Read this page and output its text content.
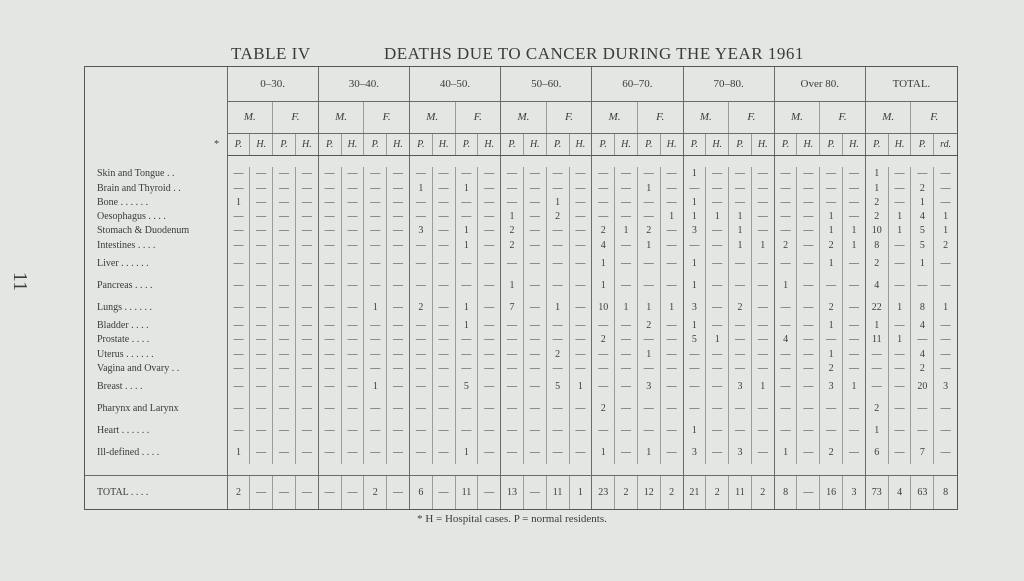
11
TABLE IV	DEATHS DUE TO CANCER DURING THE YEAR 1961
	0–30.				30–40.				40–50.				50–60.				60–70.				70–80.				Over 80.				TOTAL.			
	M.		F.		M.		F.		M.		F.		M.		F.		M.		F.		M.		F.		M.		F.		M.		F.	
*	P.	H.	P.	H.	P.	H.	P.	H.	P.	H.	P.	H.	P.	H.	P.	H.	P.	H.	P.	H.	P.	H.	P.	H.	P.	H.	P.	H.	P.	H.	P.	rd.

Skin and Tongue . .	—	—	—	—	—	—	—	—	—	—	—	—	—	—	—	—	—	—	—	—	1	—	—	—	—	—	—	—	1	—	—	—
Brain and Thyroid . .	—	—	—	—	—	—	—	—	1	—	1	—	—	—	—	—	—	—	1	—	—	—	—	—	—	—	—	—	1	—	2	—
Bone . . . . . .	1	—	—	—	—	—	—	—	—	—	—	—	—	—	1	—	—	—	—	—	1	—	—	—	—	—	—	—	2	—	1	—
Oesophagus . . . .	—	—	—	—	—	—	—	—	—	—	—	—	1	—	2	—	—	—	—	1	1	1	1	—	—	—	1	—	2	1	4	1
Stomach & Duodenum	—	—	—	—	—	—	—	—	3	—	1	—	2	—	—	—	2	1	2	—	3	—	1	—	—	—	1	1	10	1	5	1
Intestines . . . .	—	—	—	—	—	—	—	—	—	—	1	—	2	—	—	—	4	—	1	—	—	—	1	1	2	—	2	1	8	—	5	2
Liver . . . . . .	—	—	—	—	—	—	—	—	—	—	—	—	—	—	—	—	1	—	—	—	1	—	—	—	—	—	1	—	2	—	1	—
Pancreas . . . .	—	—	—	—	—	—	—	—	—	—	—	—	1	—	—	—	1	—	—	—	1	—	—	—	1	—	—	—	4	—	—	—
Lungs . . . . . .	—	—	—	—	—	—	1	—	2	—	1	—	7	—	1	—	10	1	1	1	3	—	2	—	—	—	2	—	22	1	8	1
Bladder . . . .	—	—	—	—	—	—	—	—	—	—	1	—	—	—	—	—	—	—	2	—	1	—	—	—	—	—	1	—	1	—	4	—
Prostate . . . .	—	—	—	—	—	—	—	—	—	—	—	—	—	—	—	—	2	—	—	—	5	1	—	—	4	—	—	—	11	1	—	—
Uterus . . . . . .	—	—	—	—	—	—	—	—	—	—	—	—	—	—	2	—	—	—	1	—	—	—	—	—	—	—	1	—	—	—	4	—
Vagina and Ovary . .	—	—	—	—	—	—	—	—	—	—	—	—	—	—	—	—	—	—	—	—	—	—	—	—	—	—	2	—	—	—	2	—
Breast . . . .	—	—	—	—	—	—	1	—	—	—	5	—	—	—	5	1	—	—	3	—	—	—	3	1	—	—	3	1	—	—	20	3
Pharynx and Larynx	—	—	—	—	—	—	—	—	—	—	—	—	—	—	—	—	2	—	—	—	—	—	—	—	—	—	—	—	2	—	—	—
Heart . . . . . .	—	—	—	—	—	—	—	—	—	—	—	—	—	—	—	—	—	—	—	—	1	—	—	—	—	—	—	—	1	—	—	—
Ill-defined . . . .	1	—	—	—	—	—	—	—	—	—	1	—	—	—	—	—	1	—	1	—	3	—	3	—	1	—	2	—	6	—	7	—

TOTAL . . . .	2	—	—	—	—	—	2	—	6	—	11	—	13	—	11	1	23	2	12	2	21	2	11	2	8	—	16	3	73	4	63	8
* H = Hospital cases. P = normal residents.
